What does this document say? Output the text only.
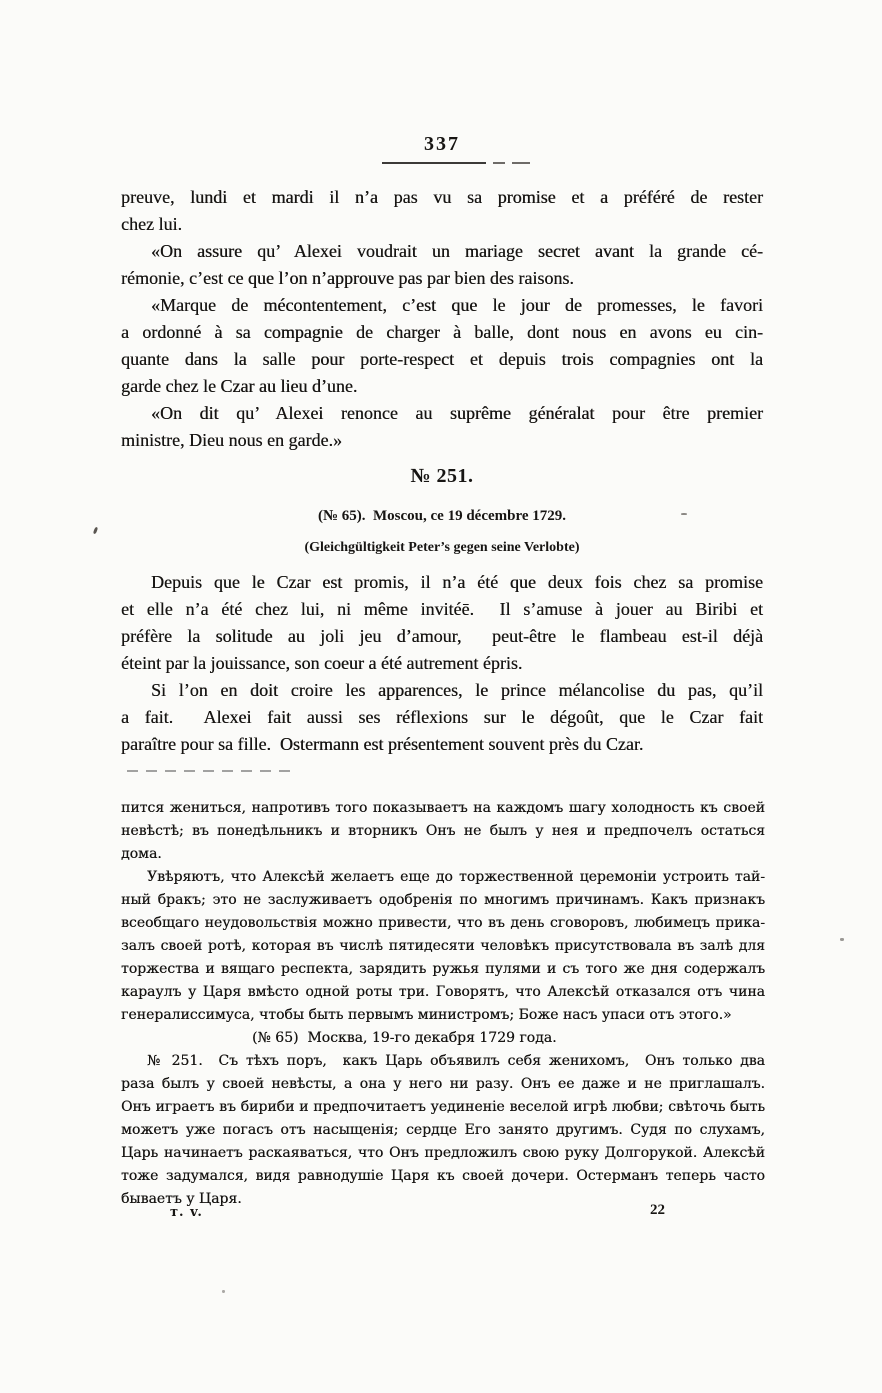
337
preuve, lundi et mardi il n’a pas vu sa promise et a préféré de rester
chez lui.
«On assure qu’ Alexei voudrait un mariage secret avant la grande cé-
rémonie, c’est ce que l’on n’approuve pas par bien des raisons.
«Marque de mécontentement, c’est que le jour de promesses, le favori
a ordonné à sa compagnie de charger à balle, dont nous en avons eu cin-
quante dans la salle pour porte-respect et depuis trois compagnies ont la
garde chez le Czar au lieu d’une.
«On dit qu’ Alexei renonce au suprême généralat pour être premier
ministre, Dieu nous en garde.»
№ 251.
(№ 65).  Moscou, ce 19 décembre 1729.
(Gleichgültigkeit Peter’s gegen seine Verlobte)
Depuis que le Czar est promis, il n’a été que deux fois chez sa promise
et elle n’a été chez lui, ni même invitéē.  Il s’amuse à jouer au Biribi et
préfère la solitude au joli jeu d’amour,  peut-être le flambeau est-il déjà
éteint par la jouissance, son coeur a été autrement épris.
Si l’on en doit croire les apparences, le prince mélancolise du pas, qu’il
a fait.  Alexei fait aussi ses réflexions sur le dégoût, que le Czar fait
paraître pour sa fille.  Ostermann est présentement souvent près du Czar.
пится жениться, напротивъ того показываетъ на каждомъ шагу холодность къ своей
невѣстѣ; въ понедѣльникъ и вторникъ Онъ не былъ у нея и предпочелъ остаться
дома.
Увѣряютъ, что Алексѣй желаетъ еще до торжественной церемоніи устроить тай-
ный бракъ; это не заслуживаетъ одобренія по многимъ причинамъ. Какъ признакъ
всеобщаго неудовольствія можно привести, что въ день сговоровъ, любимецъ прика-
залъ своей ротѣ, которая въ числѣ пятидесяти человѣкъ присутствовала въ залѣ для
торжества и вящаго респекта, зарядить ружья пулями и съ того же дня содержалъ
караулъ у Царя вмѣсто одной роты три. Говорятъ, что Алексѣй отказался отъ чина
генералиссимуса, чтобы быть первымъ министромъ; Боже насъ упаси отъ этого.»
(№ 65)  Москва, 19-го декабря 1729 года.
№ 251.  Съ тѣхъ поръ,  какъ Царь объявилъ себя женихомъ,  Онъ только два
раза былъ у своей невѣсты, а она у него ни разу. Онъ ее даже и не приглашалъ.
Онъ играетъ въ бириби и предпочитаетъ уединеніе веселой игрѣ любви; свѣточь быть
можетъ уже погасъ отъ насыщенія; сердце Его занято другимъ. Судя по слухамъ,
Царь начинаетъ раскаяваться, что Онъ предложилъ свою руку Долгорукой. Алексѣй
тоже задумался, видя равнодушіе Царя къ своей дочери. Остерманъ теперь часто
бываетъ у Царя.
т. v.	22
